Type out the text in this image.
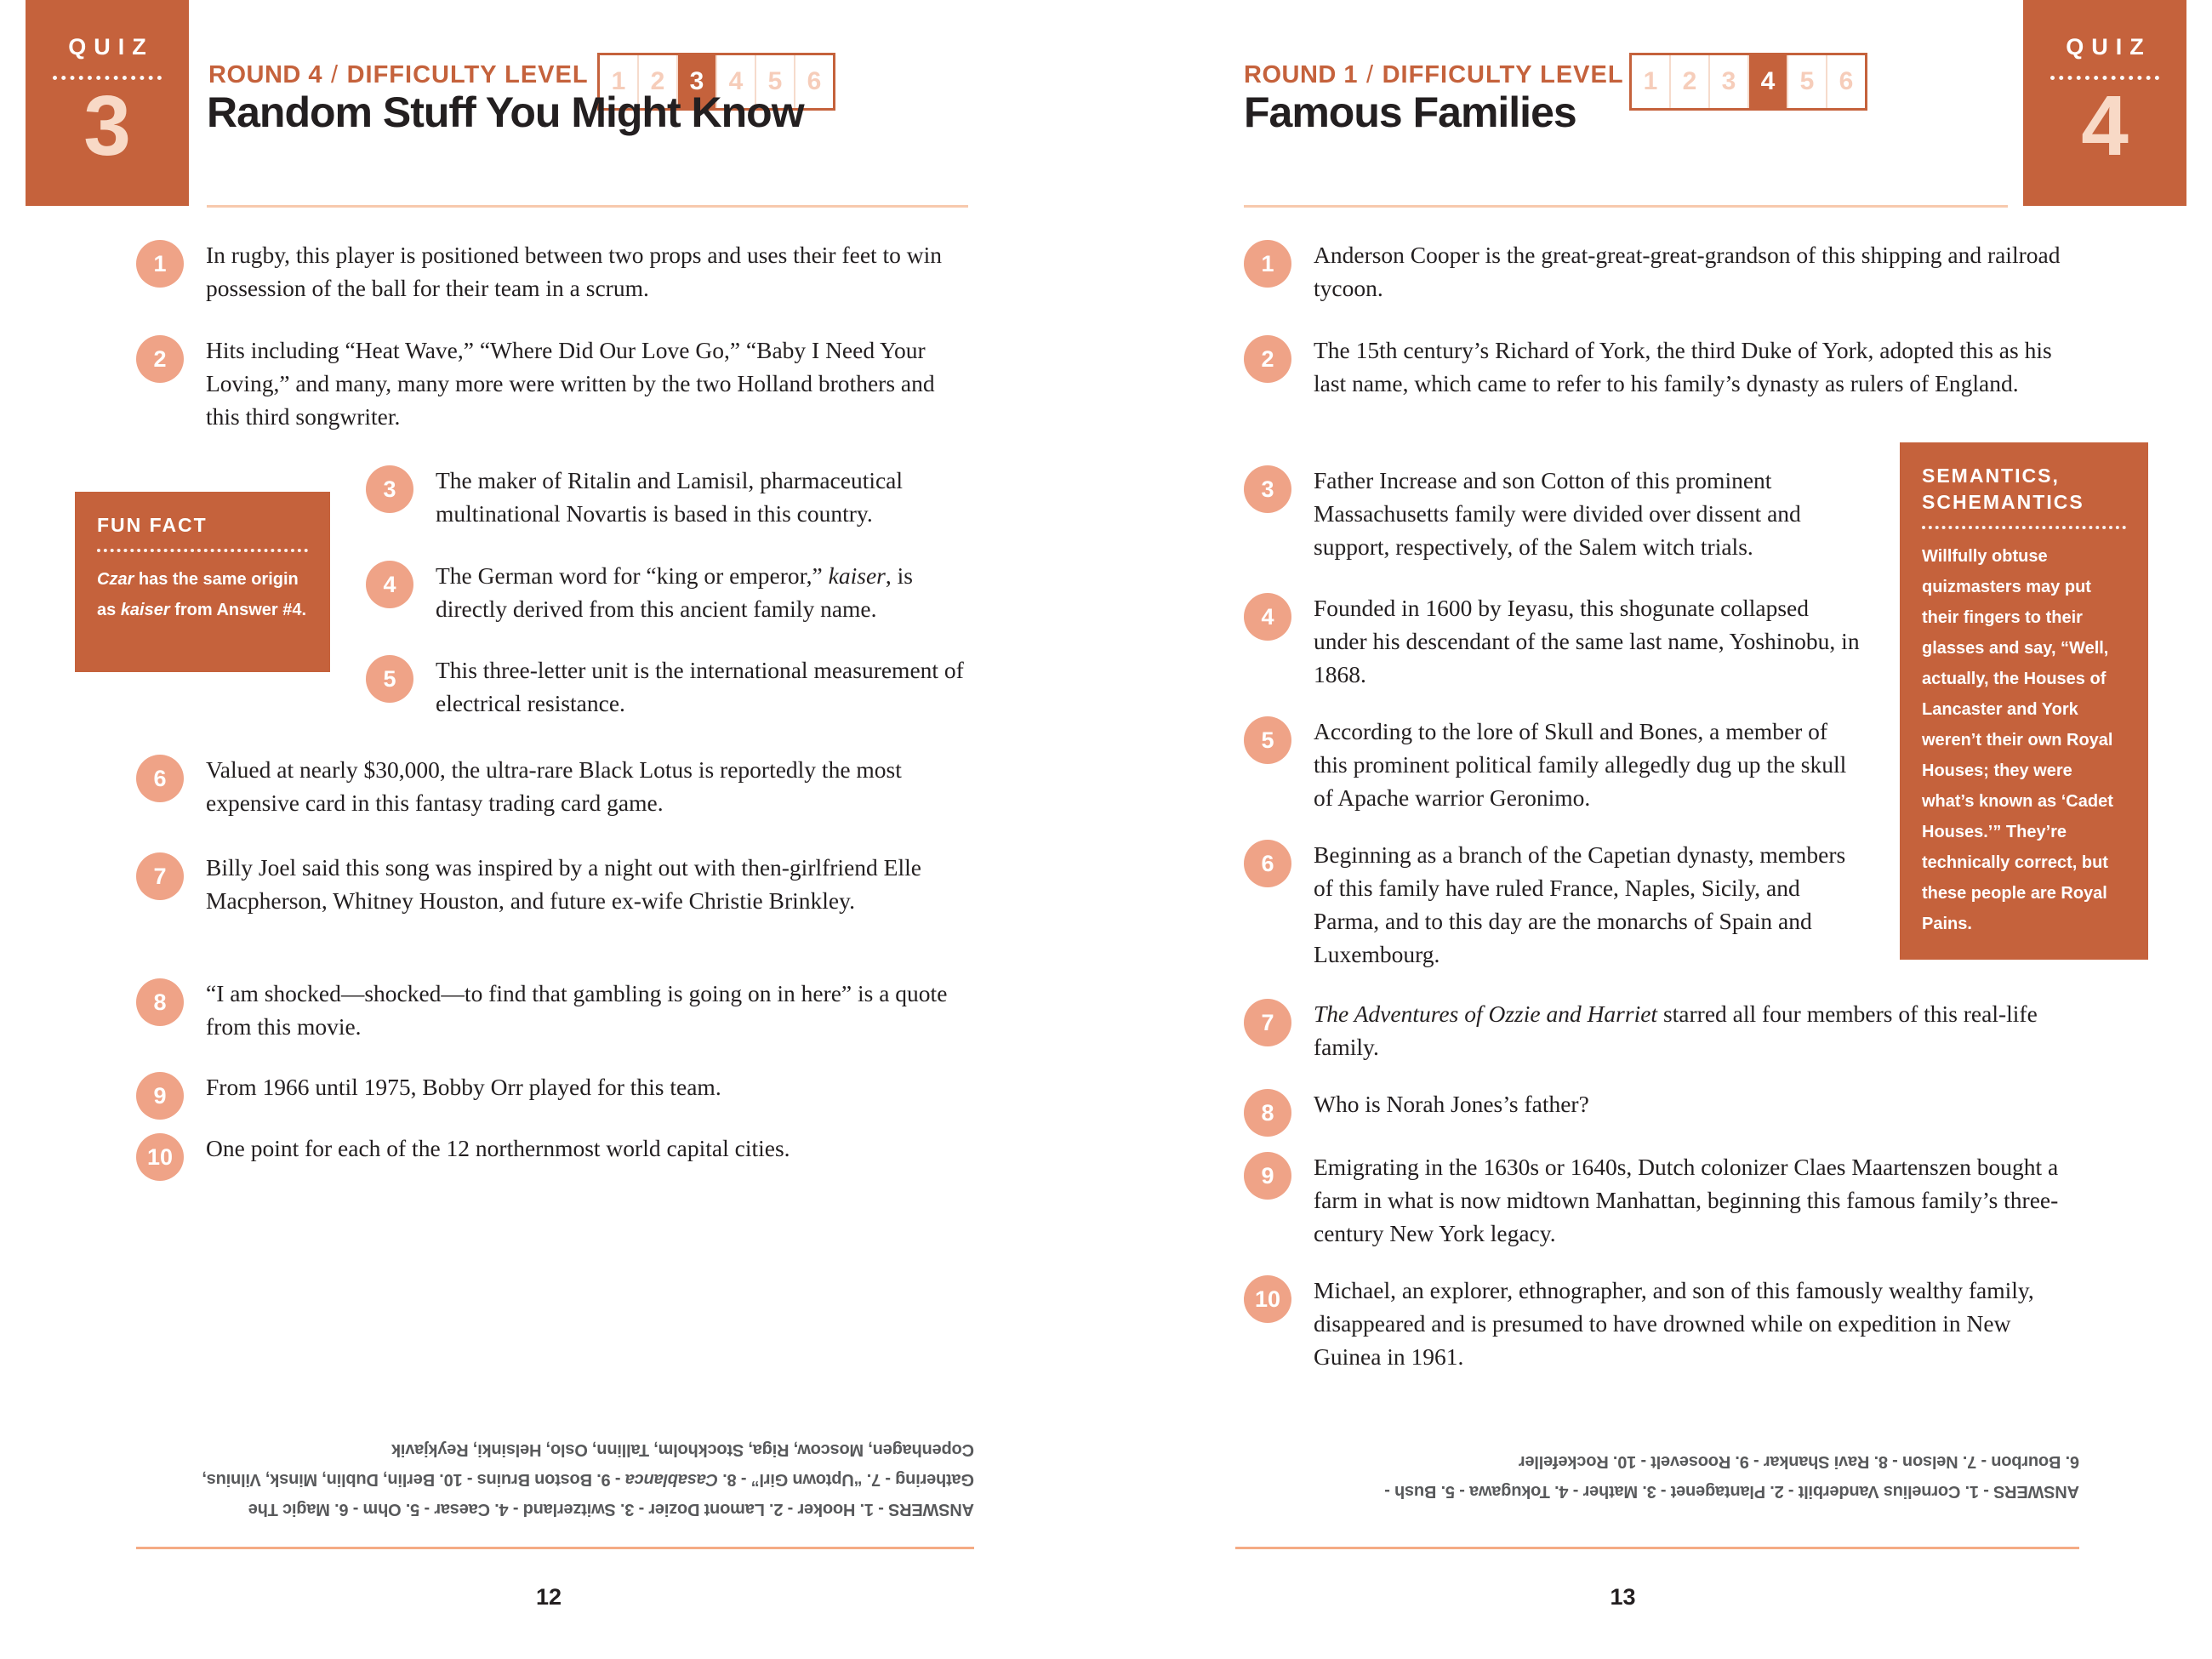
QUIZ
3
ROUND 4 / DIFFICULTY LEVEL 1 2 3 4 5 6
Random Stuff You Might Know
1	In rugby, this player is positioned between two props and uses their feet to win possession of the ball for their team in a scrum.
2	Hits including “Heat Wave,” “Where Did Our Love Go,” “Baby I Need Your Loving,” and many, many more were written by the two Holland brothers and this third songwriter.
3	The maker of Ritalin and Lamisil, pharmaceutical multinational Novartis is based in this country.
4	The German word for “king or emperor,” kaiser, is directly derived from this ancient family name.
5	This three-letter unit is the international measurement of electrical resistance.
6	Valued at nearly $30,000, the ultra-rare Black Lotus is reportedly the most expensive card in this fantasy trading card game.
7	Billy Joel said this song was inspired by a night out with then-girlfriend Elle Macpherson, Whitney Houston, and future ex-wife Christie Brinkley.
8	“I am shocked—shocked—to find that gambling is going on in here” is a quote from this movie.
9	From 1966 until 1975, Bobby Orr played for this team.
10	One point for each of the 12 northernmost world capital cities.
FUN FACT
Czar has the same origin as kaiser from Answer #4.
ANSWERS - 1. Hooker - 2. Lamont Dozier - 3. Switzerland - 4. Caesar - 5. Ohm - 6. Magic The
Gathering - 7. “Uptown Girl” - 8. Casablanca - 9. Boston Bruins - 10. Berlin, Dublin, Minsk, Vilnius,
Copenhagen, Moscow, Riga, Stockholm, Tallinn, Oslo, Helsinki, Reykjavik
12
QUIZ
4
ROUND 1 / DIFFICULTY LEVEL 1 2 3 4 5 6
Famous Families
1	Anderson Cooper is the great-great-great-grandson of this shipping and railroad tycoon.
2	The 15th century’s Richard of York, the third Duke of York, adopted this as his last name, which came to refer to his family’s dynasty as rulers of England.
3	Father Increase and son Cotton of this prominent Massachusetts family were divided over dissent and support, respectively, of the Salem witch trials.
4	Founded in 1600 by Ieyasu, this shogunate collapsed under his descendant of the same last name, Yoshinobu, in 1868.
5	According to the lore of Skull and Bones, a member of this prominent political family allegedly dug up the skull of Apache warrior Geronimo.
6	Beginning as a branch of the Capetian dynasty, members of this family have ruled France, Naples, Sicily, and Parma, and to this day are the monarchs of Spain and Luxembourg.
7	The Adventures of Ozzie and Harriet starred all four members of this real-life family.
8	Who is Norah Jones’s father?
9	Emigrating in the 1630s or 1640s, Dutch colonizer Claes Maartenszen bought a farm in what is now midtown Manhattan, beginning this famous family’s three-century New York legacy.
10	Michael, an explorer, ethnographer, and son of this famously wealthy family, disappeared and is presumed to have drowned while on expedition in New Guinea in 1961.
SEMANTICS,
SCHEMANTICS
Willfully obtuse quizmasters may put their fingers to their glasses and say, “Well, actually, the Houses of Lancaster and York weren’t their own Royal Houses; they were what’s known as ‘Cadet Houses.’” They’re technically correct, but these people are Royal Pains.
ANSWERS - 1. Cornelius Vanderbilt - 2. Plantagenet - 3. Mather - 4. Tokugawa - 5. Bush -
6. Bourbon - 7. Nelson - 8. Ravi Shankar - 9. Roosevelt - 10. Rockefeller
13
